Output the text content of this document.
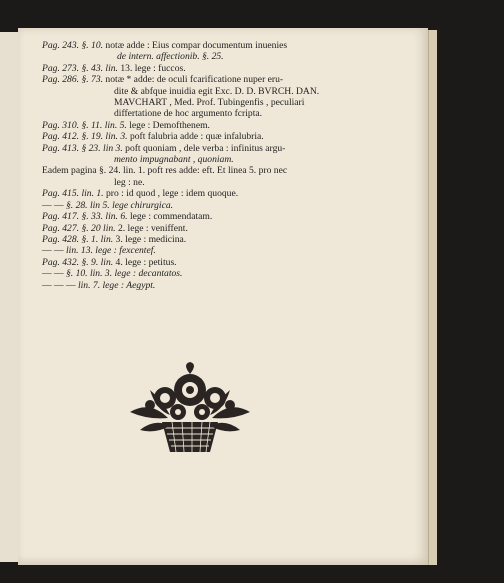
Pag. 243. §. 10. notæ adde : Eius compar documentum inuenies
de intern. affectionib. §. 25.
Pag. 273. §. 43. lin. 13. lege : fuccos.
Pag. 286. §. 73. notæ * adde: de oculi fcarificatione nuper eru-
dite & abfque inuidia egit Exc. D. D. BVRCH. DAN.
MAVCHART , Med. Prof. Tubingenfis , peculiari
differtatione de hoc argumento fcripta.
Pag. 310. §. 11. lin. 5. lege : Demofthenem.
Pag. 412. §. 19. lin. 3. poft falubria adde : quæ infalubria.
Pag. 413. § 23. lin 3. poft quoniam , dele verba : infinitus argu-
mento impugnabant , quoniam.
Eadem pagina §. 24. lin. 1. poft res adde: eft. Et linea 5. pro nec
leg : ne.
Pag. 415. lin. 1. pro : id quod , lege : idem quoque.
— — §. 28. lin 5. lege chirurgica.
Pag. 417. §. 33. lin. 6. lege : commendatam.
Pag. 427. §. 20 lin. 2. lege : veniffent.
Pag. 428. §. 1. lin. 3. lege : medicina.
— — lin. 13. lege : fexcentef.
Pag. 432. §. 9. lin. 4. lege : petitus.
— — §. 10. lin. 3. lege : decantatos.
— — — lin. 7. lege : Aegypt.
